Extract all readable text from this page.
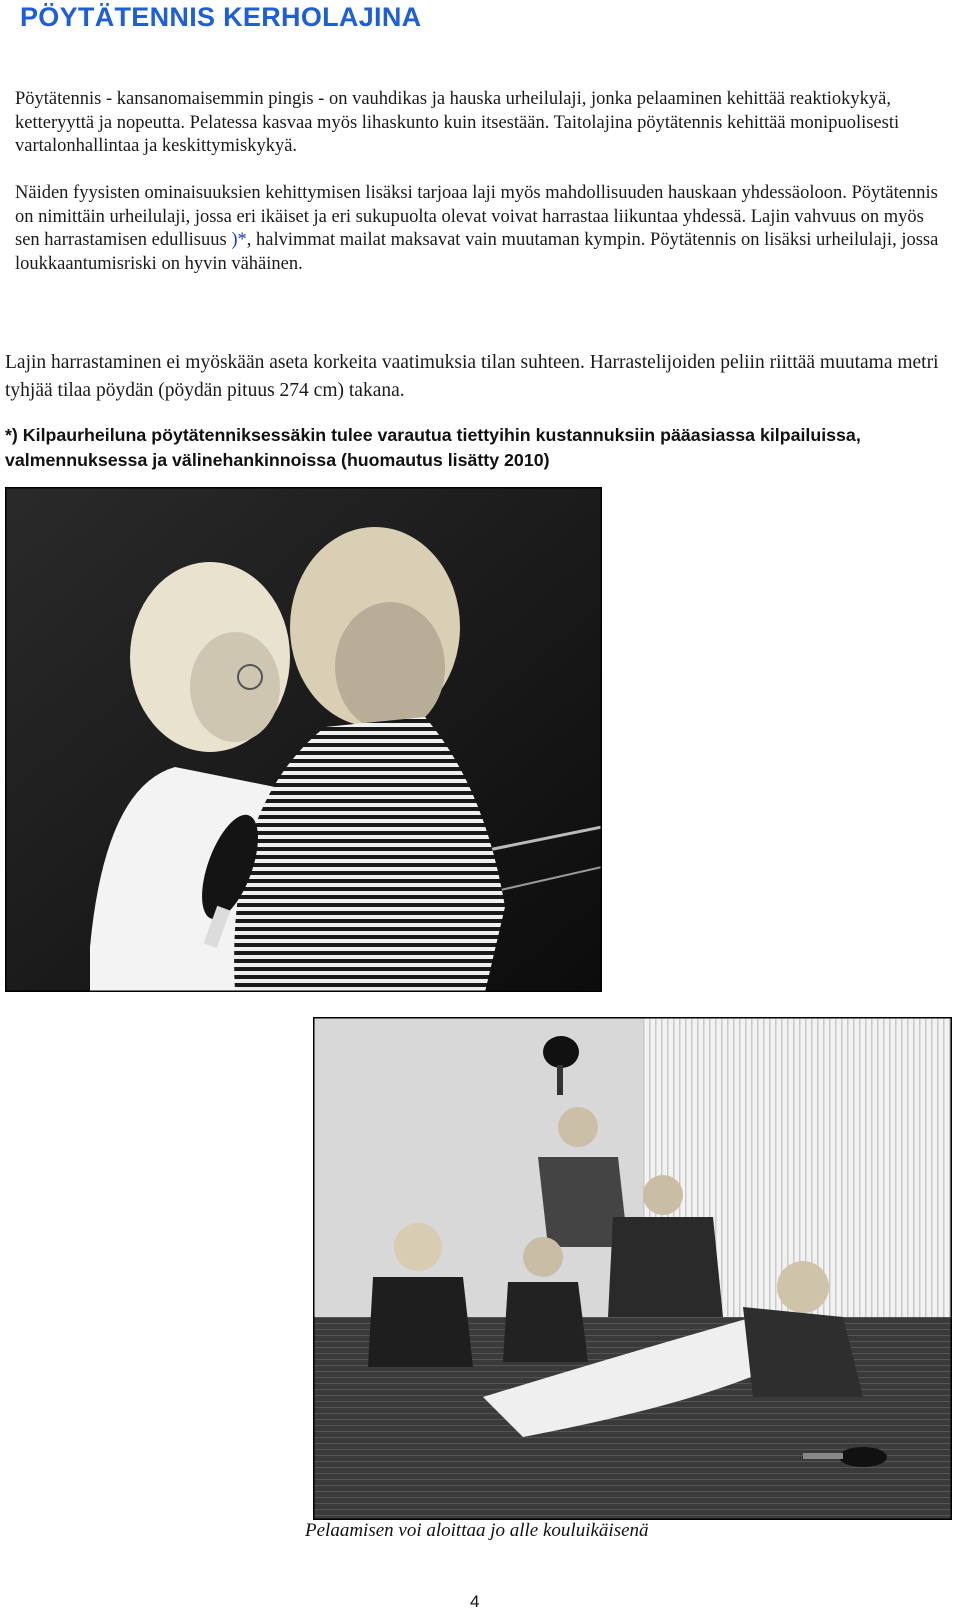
PÖYTÄTENNIS KERHOLAJINA

Pöytätennis - kansanomaisemmin pingis - on vauhdikas ja hauska urheilulaji, jonka pelaaminen kehittää reaktiokykyä, ketteryyttä ja nopeutta. Pelatessa kasvaa myös lihaskunto kuin itsestään. Taitolajina pöytätennis kehittää monipuolisesti vartalonhallintaa ja keskittymiskykyä.

Näiden fyysisten ominaisuuksien kehittymisen lisäksi tarjoaa laji myös mahdollisuuden hauskaan yhdessäoloon. Pöytätennis on nimittäin urheilulaji, jossa eri ikäiset ja eri sukupuolta olevat voivat harrastaa liikuntaa yhdessä. Lajin vahvuus on myös sen harrastamisen edullisuus )*, halvimmat mailat maksavat vain muutaman kympin. Pöytätennis on lisäksi urheilulaji, jossa loukkaantumisriski on hyvin vähäinen.

Lajin harrastaminen ei myöskään aseta korkeita vaatimuksia tilan suhteen. Harrastelijoiden peliin riittää muutama metri tyhjää tilaa pöydän (pöydän pituus 274 cm) takana.

*) Kilpaurheiluna pöytätenniksessäkin tulee varautua tiettyihin kustannuksiin pääasiassa kilpailuissa, valmennuksessa ja välinehankinnoissa (huomautus lisätty 2010)

Pelaamisen voi aloittaa jo alle kouluikäisenä

4
